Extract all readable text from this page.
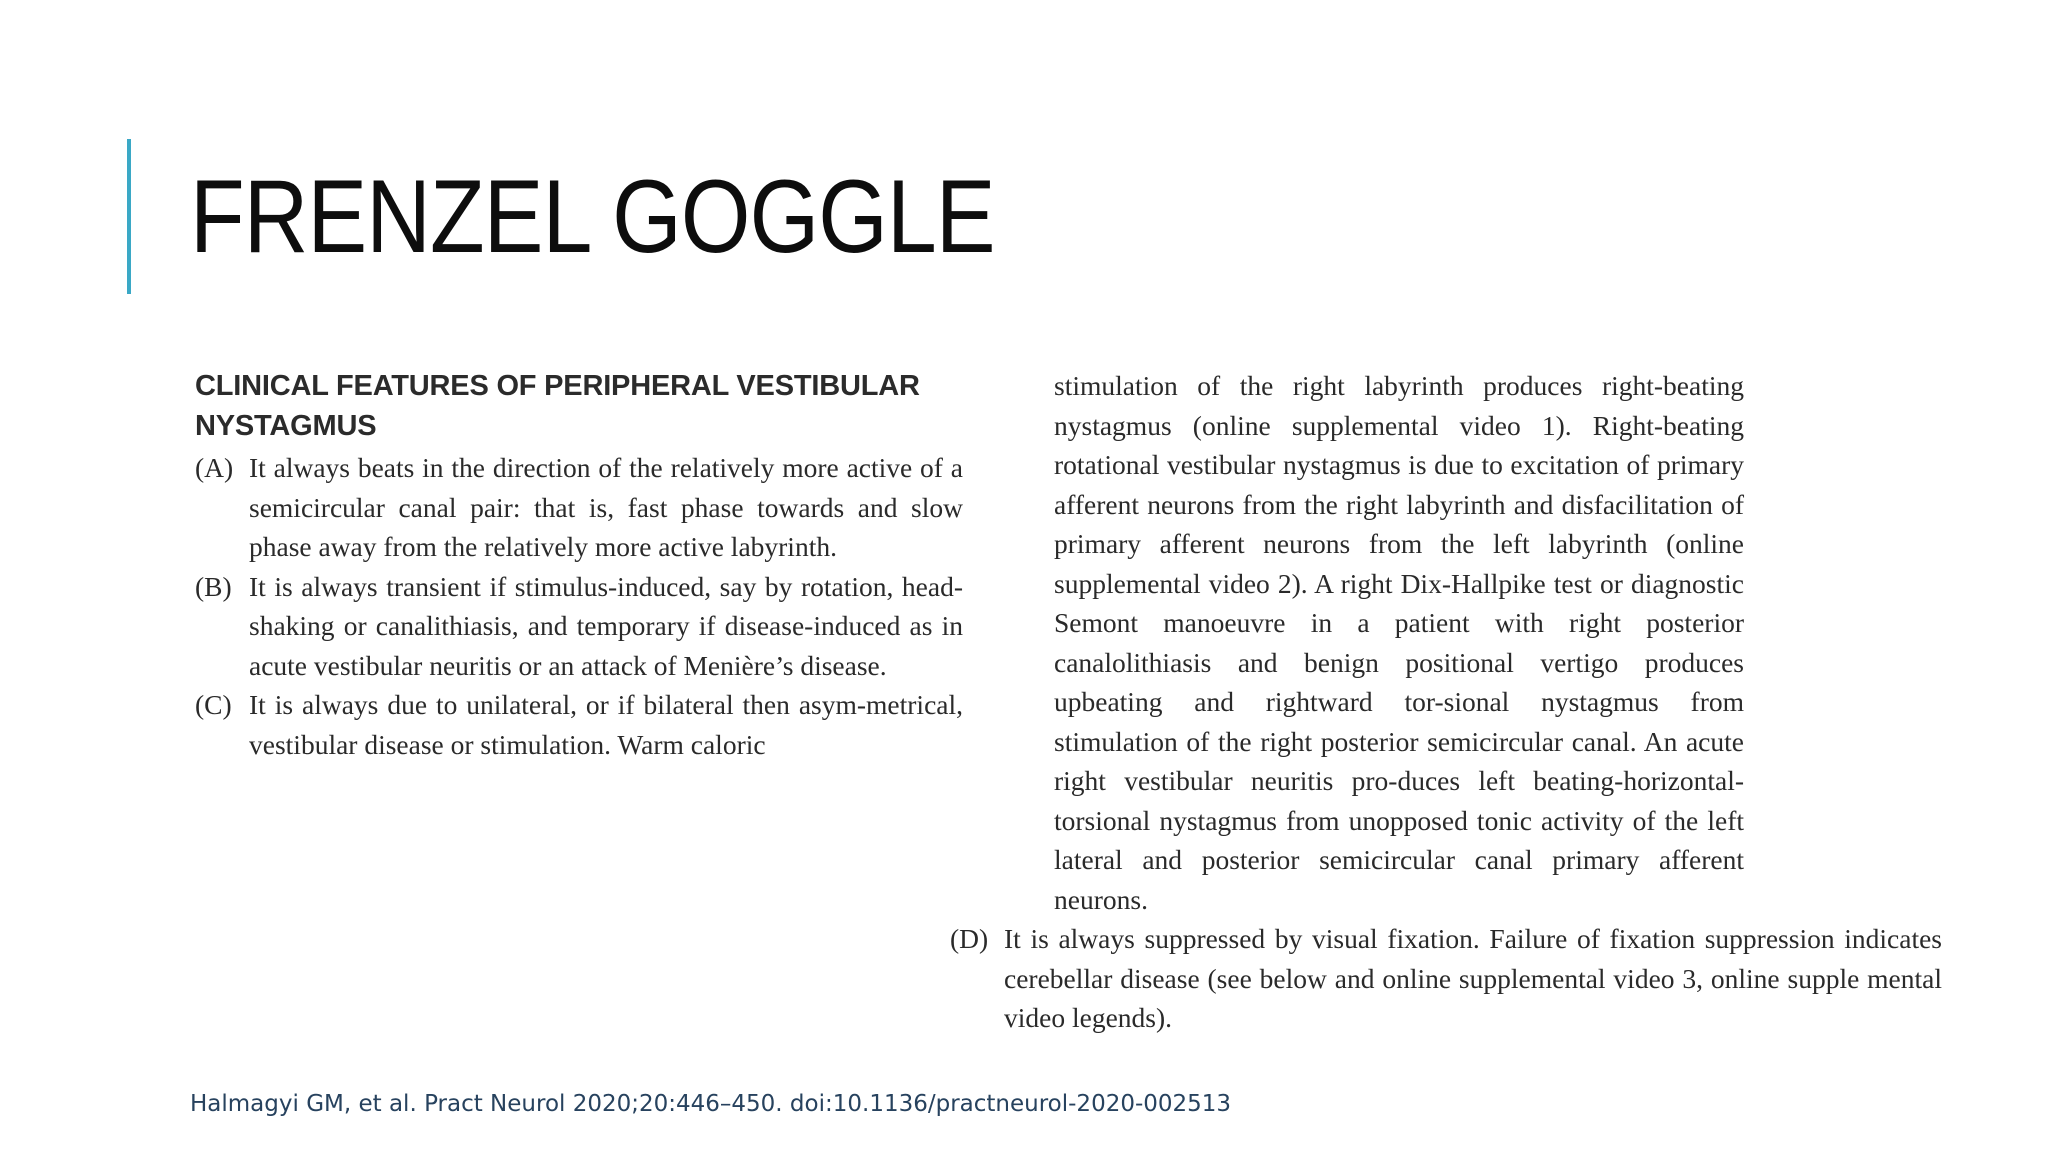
FRENZEL GOGGLE

CLINICAL FEATURES OF PERIPHERAL VESTIBULAR NYSTAGMUS

(A) It always beats in the direction of the relatively more active of a semicircular canal pair: that is, fast phase towards and slow phase away from the relatively more active labyrinth.
(B) It is always transient if stimulus-induced, say by rotation, head-shaking or canalithiasis, and temporary if disease-induced as in acute vestibular neuritis or an attack of Menière’s disease.
(C) It is always due to unilateral, or if bilateral then asym-metrical, vestibular disease or stimulation. Warm caloric

stimulation of the right labyrinth produces right-beating nystagmus (online supplemental video 1). Right-beating rotational vestibular nystagmus is due to excitation of primary afferent neurons from the right labyrinth and disfacilitation of primary afferent neurons from the left labyrinth (online supplemental video 2). A right Dix-Hallpike test or diagnostic Semont manoeuvre in a patient with right posterior canalolithiasis and benign positional vertigo produces upbeating and rightward tor-sional nystagmus from stimulation of the right posterior semicircular canal. An acute right vestibular neuritis pro-duces left beating-horizontal-torsional nystagmus from unopposed tonic activity of the left lateral and posterior semicircular canal primary afferent neurons.

(D) It is always suppressed by visual fixation. Failure of fixation suppression indicates cerebellar disease (see below and online supplemental video 3, online supple mental video legends).
Halmagyi GM, et al. Pract Neurol 2020;20:446–450. doi:10.1136/practneurol-2020-002513
